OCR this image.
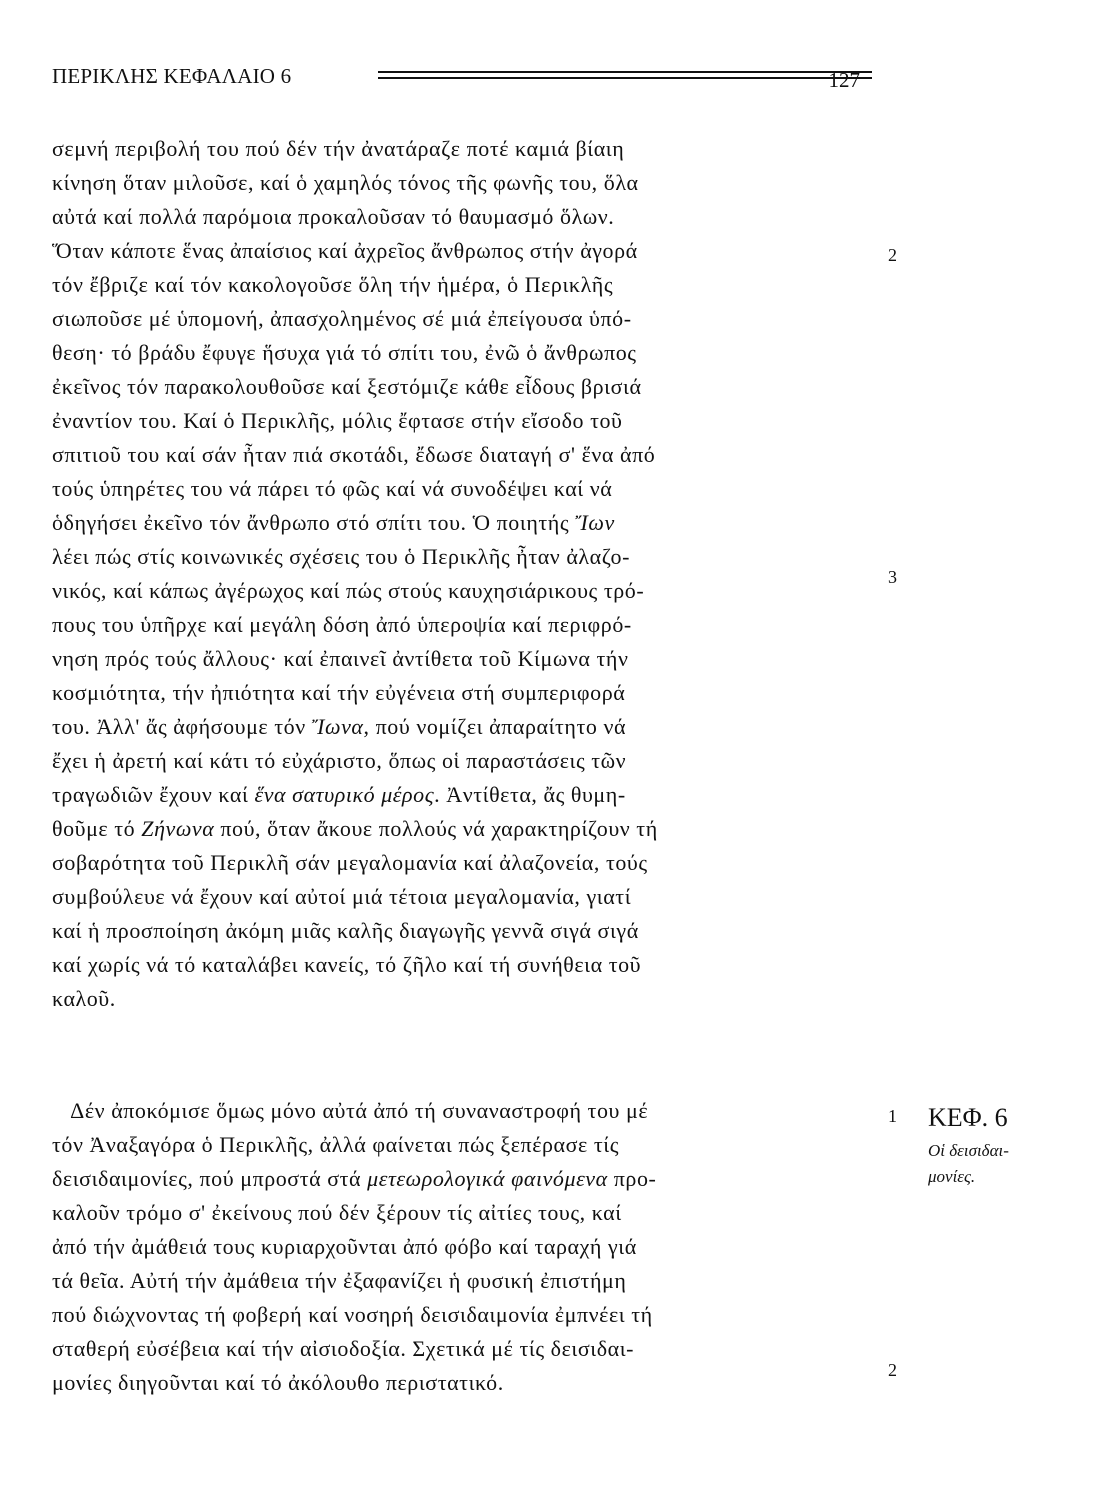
ΠΕΡΙΚΛΗΣ ΚΕΦΑΛΑΙΟ 6	127
σεμνή περιβολή του πού δέν τήν ἀνατάραζε ποτέ καμιά βίαιη
κίνηση ὅταν μιλοῦσε, καί ὁ χαμηλός τόνος τῆς φωνῆς του, ὅλα
αὐτά καί πολλά παρόμοια προκαλοῦσαν τό θαυμασμό ὅλων.
Ὅταν κάποτε ἕνας ἀπαίσιος καί ἀχρεῖος ἄνθρωπος στήν ἀγορά
τόν ἔβριζε καί τόν κακολογοῦσε ὅλη τήν ἡμέρα, ὁ Περικλῆς
σιωποῦσε μέ ὑπομονή, ἀπασχολημένος σέ μιά ἐπείγουσα ὑπό-
θεση· τό βράδυ ἔφυγε ἥσυχα γιά τό σπίτι του, ἐνῶ ὁ ἄνθρωπος
ἐκεῖνος τόν παρακολουθοῦσε καί ξεστόμιζε κάθε εἶδους βρισιά
ἐναντίον του. Καί ὁ Περικλῆς, μόλις ἔφτασε στήν εἴσοδο τοῦ
σπιτιοῦ του καί σάν ἦταν πιά σκοτάδι, ἔδωσε διαταγή σ' ἕνα ἀπό
τούς ὑπηρέτες του νά πάρει τό φῶς καί νά συνοδέψει καί νά
ὁδηγήσει ἐκεῖνο τόν ἄνθρωπο στό σπίτι του. Ὁ ποιητής Ἴων
λέει πώς στίς κοινωνικές σχέσεις του ὁ Περικλῆς ἦταν ἀλαζο-
νικός, καί κάπως ἀγέρωχος καί πώς στούς καυχησιάρικους τρό-
πους του ὑπῆρχε καί μεγάλη δόση ἀπό ὑπεροψία καί περιφρό-
νηση πρός τούς ἄλλους· καί ἐπαινεῖ ἀντίθετα τοῦ Κίμωνα τήν
κοσμιότητα, τήν ἠπιότητα καί τήν εὐγένεια στή συμπεριφορά
του. Ἀλλ' ἄς ἀφήσουμε τόν Ἴωνα, πού νομίζει ἀπαραίτητο νά
ἔχει ἡ ἀρετή καί κάτι τό εὐχάριστο, ὅπως οἱ παραστάσεις τῶν
τραγωδιῶν ἔχουν καί ἕνα σατυρικό μέρος. Ἀντίθετα, ἄς θυμη-
θοῦμε τό Ζήνωνα πού, ὅταν ἄκουε πολλούς νά χαρακτηρίζουν τή
σοβαρότητα τοῦ Περικλῆ σάν μεγαλομανία καί ἀλαζονεία, τούς
συμβούλευε νά ἔχουν καί αὐτοί μιά τέτοια μεγαλομανία, γιατί
καί ἡ προσποίηση ἀκόμη μιᾶς καλῆς διαγωγῆς γεννᾶ σιγά σιγά
καί χωρίς νά τό καταλάβει κανείς, τό ζῆλο καί τή συνήθεια τοῦ
καλοῦ.
Δέν ἀποκόμισε ὅμως μόνο αὐτά ἀπό τή συναναστροφή του μέ
τόν Ἀναξαγόρα ὁ Περικλῆς, ἀλλά φαίνεται πώς ξεπέρασε τίς
δεισιδαιμονίες, πού μπροστά στά μετεωρολογικά φαινόμενα προ-
καλοῦν τρόμο σ' ἐκείνους πού δέν ξέρουν τίς αἰτίες τους, καί
ἀπό τήν ἀμάθειά τους κυριαρχοῦνται ἀπό φόβο καί ταραχή γιά
τά θεῖα. Αὐτή τήν ἀμάθεια τήν ἐξαφανίζει ἡ φυσική ἐπιστήμη
πού διώχνοντας τή φοβερή καί νοσηρή δεισιδαιμονία ἐμπνέει τή
σταθερή εὐσέβεια καί τήν αἰσιοδοξία. Σχετικά μέ τίς δεισιδαι-
μονίες διηγοῦνται καί τό ἀκόλουθο περιστατικό.
2
3
1
2
ΚΕΦ. 6
Οἱ δεισιδαι-
μονίες.
